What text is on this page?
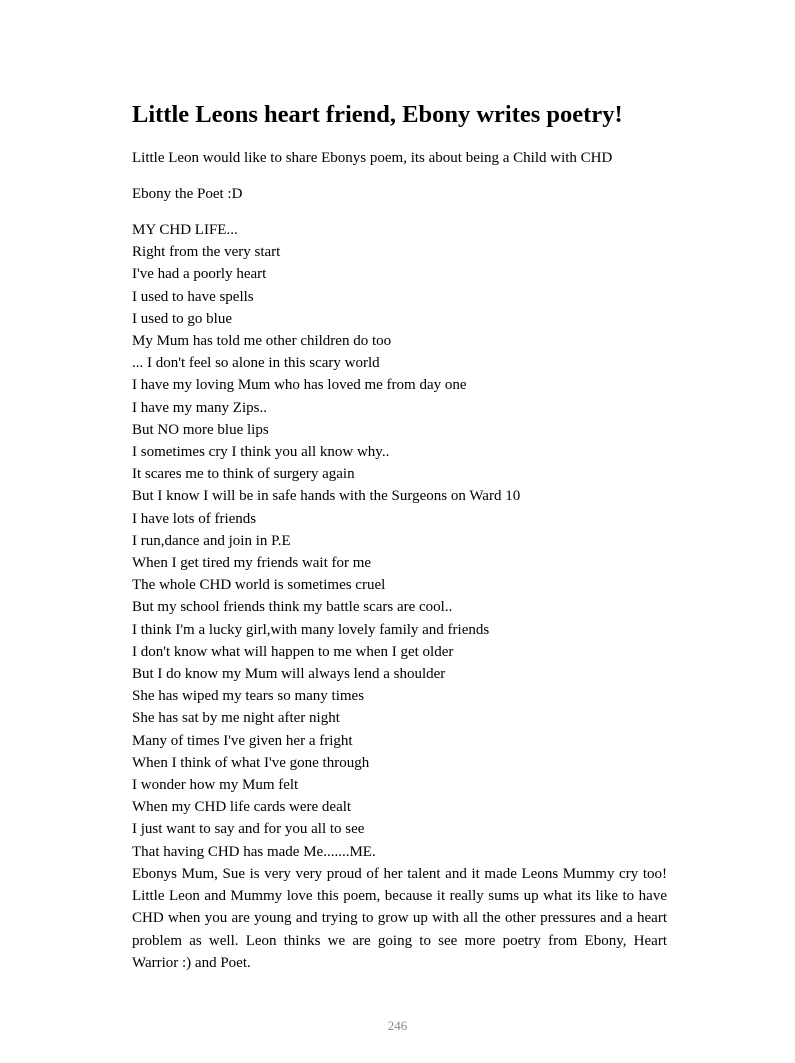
Little Leons heart friend, Ebony writes poetry!

Little Leon would like to share Ebonys poem, its about being a Child with CHD

Ebony the Poet :D

MY CHD LIFE...
Right from the very start
I've had a poorly heart
I used to have spells
I used to go blue
My Mum has told me other children do too
... I don't feel so alone in this scary world
I have my loving Mum who has loved me from day one
I have my many Zips..
But NO more blue lips
I sometimes cry I think you all know why..
It scares me to think of surgery again
But I know I will be in safe hands with the Surgeons on Ward 10
I have lots of friends
I run,dance and join in P.E
When I get tired my friends wait for me
The whole CHD world is sometimes cruel
But my school friends think my battle scars are cool..
I think I'm a lucky girl,with many lovely family and friends
I don't know what will happen to me when I get older
But I do know my Mum will always lend a shoulder
She has wiped my tears so many times
She has sat by me night after night
Many of times I've given her a fright
When I think of what I've gone through
I wonder how my Mum felt
When my CHD life cards were dealt
I just want to say and for you all to see
That having CHD has made Me.......ME.

Ebonys Mum, Sue is very very proud of her talent and it made Leons Mummy cry too! Little Leon and Mummy love this poem, because it really sums up what its like to have CHD when you are young and trying to grow up with all the other pressures and a heart problem as well. Leon thinks we are going to see more poetry from Ebony, Heart Warrior :) and Poet.

246
